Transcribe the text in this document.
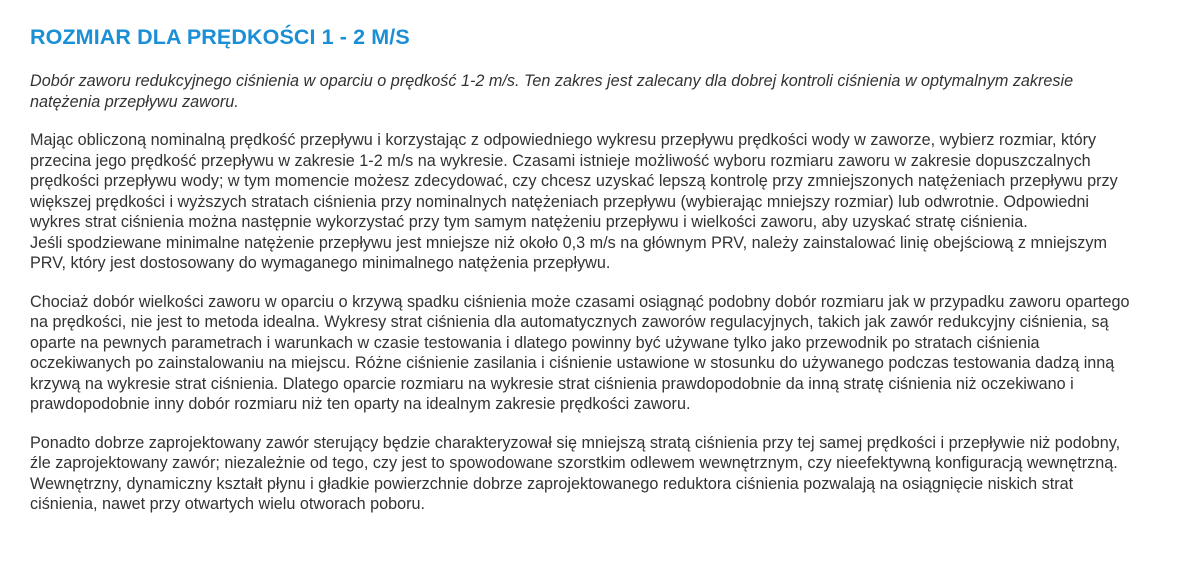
ROZMIAR DLA PRĘDKOŚCI 1 - 2 M/S

Dobór zaworu redukcyjnego ciśnienia w oparciu o prędkość 1-2 m/s. Ten zakres jest zalecany dla dobrej kontroli ciśnienia w optymalnym zakresie natężenia przepływu zaworu.

Mając obliczoną nominalną prędkość przepływu i korzystając z odpowiedniego wykresu przepływu prędkości wody w zaworze, wybierz rozmiar, który przecina jego prędkość przepływu w zakresie 1-2 m/s na wykresie. Czasami istnieje możliwość wyboru rozmiaru zaworu w zakresie dopuszczalnych prędkości przepływu wody; w tym momencie możesz zdecydować, czy chcesz uzyskać lepszą kontrolę przy zmniejszonych natężeniach przepływu przy większej prędkości i wyższych stratach ciśnienia przy nominalnych natężeniach przepływu (wybierając mniejszy rozmiar) lub odwrotnie. Odpowiedni wykres strat ciśnienia można następnie wykorzystać przy tym samym natężeniu przepływu i wielkości zaworu, aby uzyskać stratę ciśnienia.
Jeśli spodziewane minimalne natężenie przepływu jest mniejsze niż około 0,3 m/s na głównym PRV, należy zainstalować linię obejściową z mniejszym PRV, który jest dostosowany do wymaganego minimalnego natężenia przepływu.

Chociaż dobór wielkości zaworu w oparciu o krzywą spadku ciśnienia może czasami osiągnąć podobny dobór rozmiaru jak w przypadku zaworu opartego na prędkości, nie jest to metoda idealna. Wykresy strat ciśnienia dla automatycznych zaworów regulacyjnych, takich jak zawór redukcyjny ciśnienia, są oparte na pewnych parametrach i warunkach w czasie testowania i dlatego powinny być używane tylko jako przewodnik po stratach ciśnienia oczekiwanych po zainstalowaniu na miejscu. Różne ciśnienie zasilania i ciśnienie ustawione w stosunku do używanego podczas testowania dadzą inną krzywą na wykresie strat ciśnienia. Dlatego oparcie rozmiaru na wykresie strat ciśnienia prawdopodobnie da inną stratę ciśnienia niż oczekiwano i prawdopodobnie inny dobór rozmiaru niż ten oparty na idealnym zakresie prędkości zaworu.

Ponadto dobrze zaprojektowany zawór sterujący będzie charakteryzował się mniejszą stratą ciśnienia przy tej samej prędkości i przepływie niż podobny, źle zaprojektowany zawór; niezależnie od tego, czy jest to spowodowane szorstkim odlewem wewnętrznym, czy nieefektywną konfiguracją wewnętrzną. Wewnętrzny, dynamiczny kształt płynu i gładkie powierzchnie dobrze zaprojektowanego reduktora ciśnienia pozwalają na osiągnięcie niskich strat ciśnienia, nawet przy otwartych wielu otworach poboru.
